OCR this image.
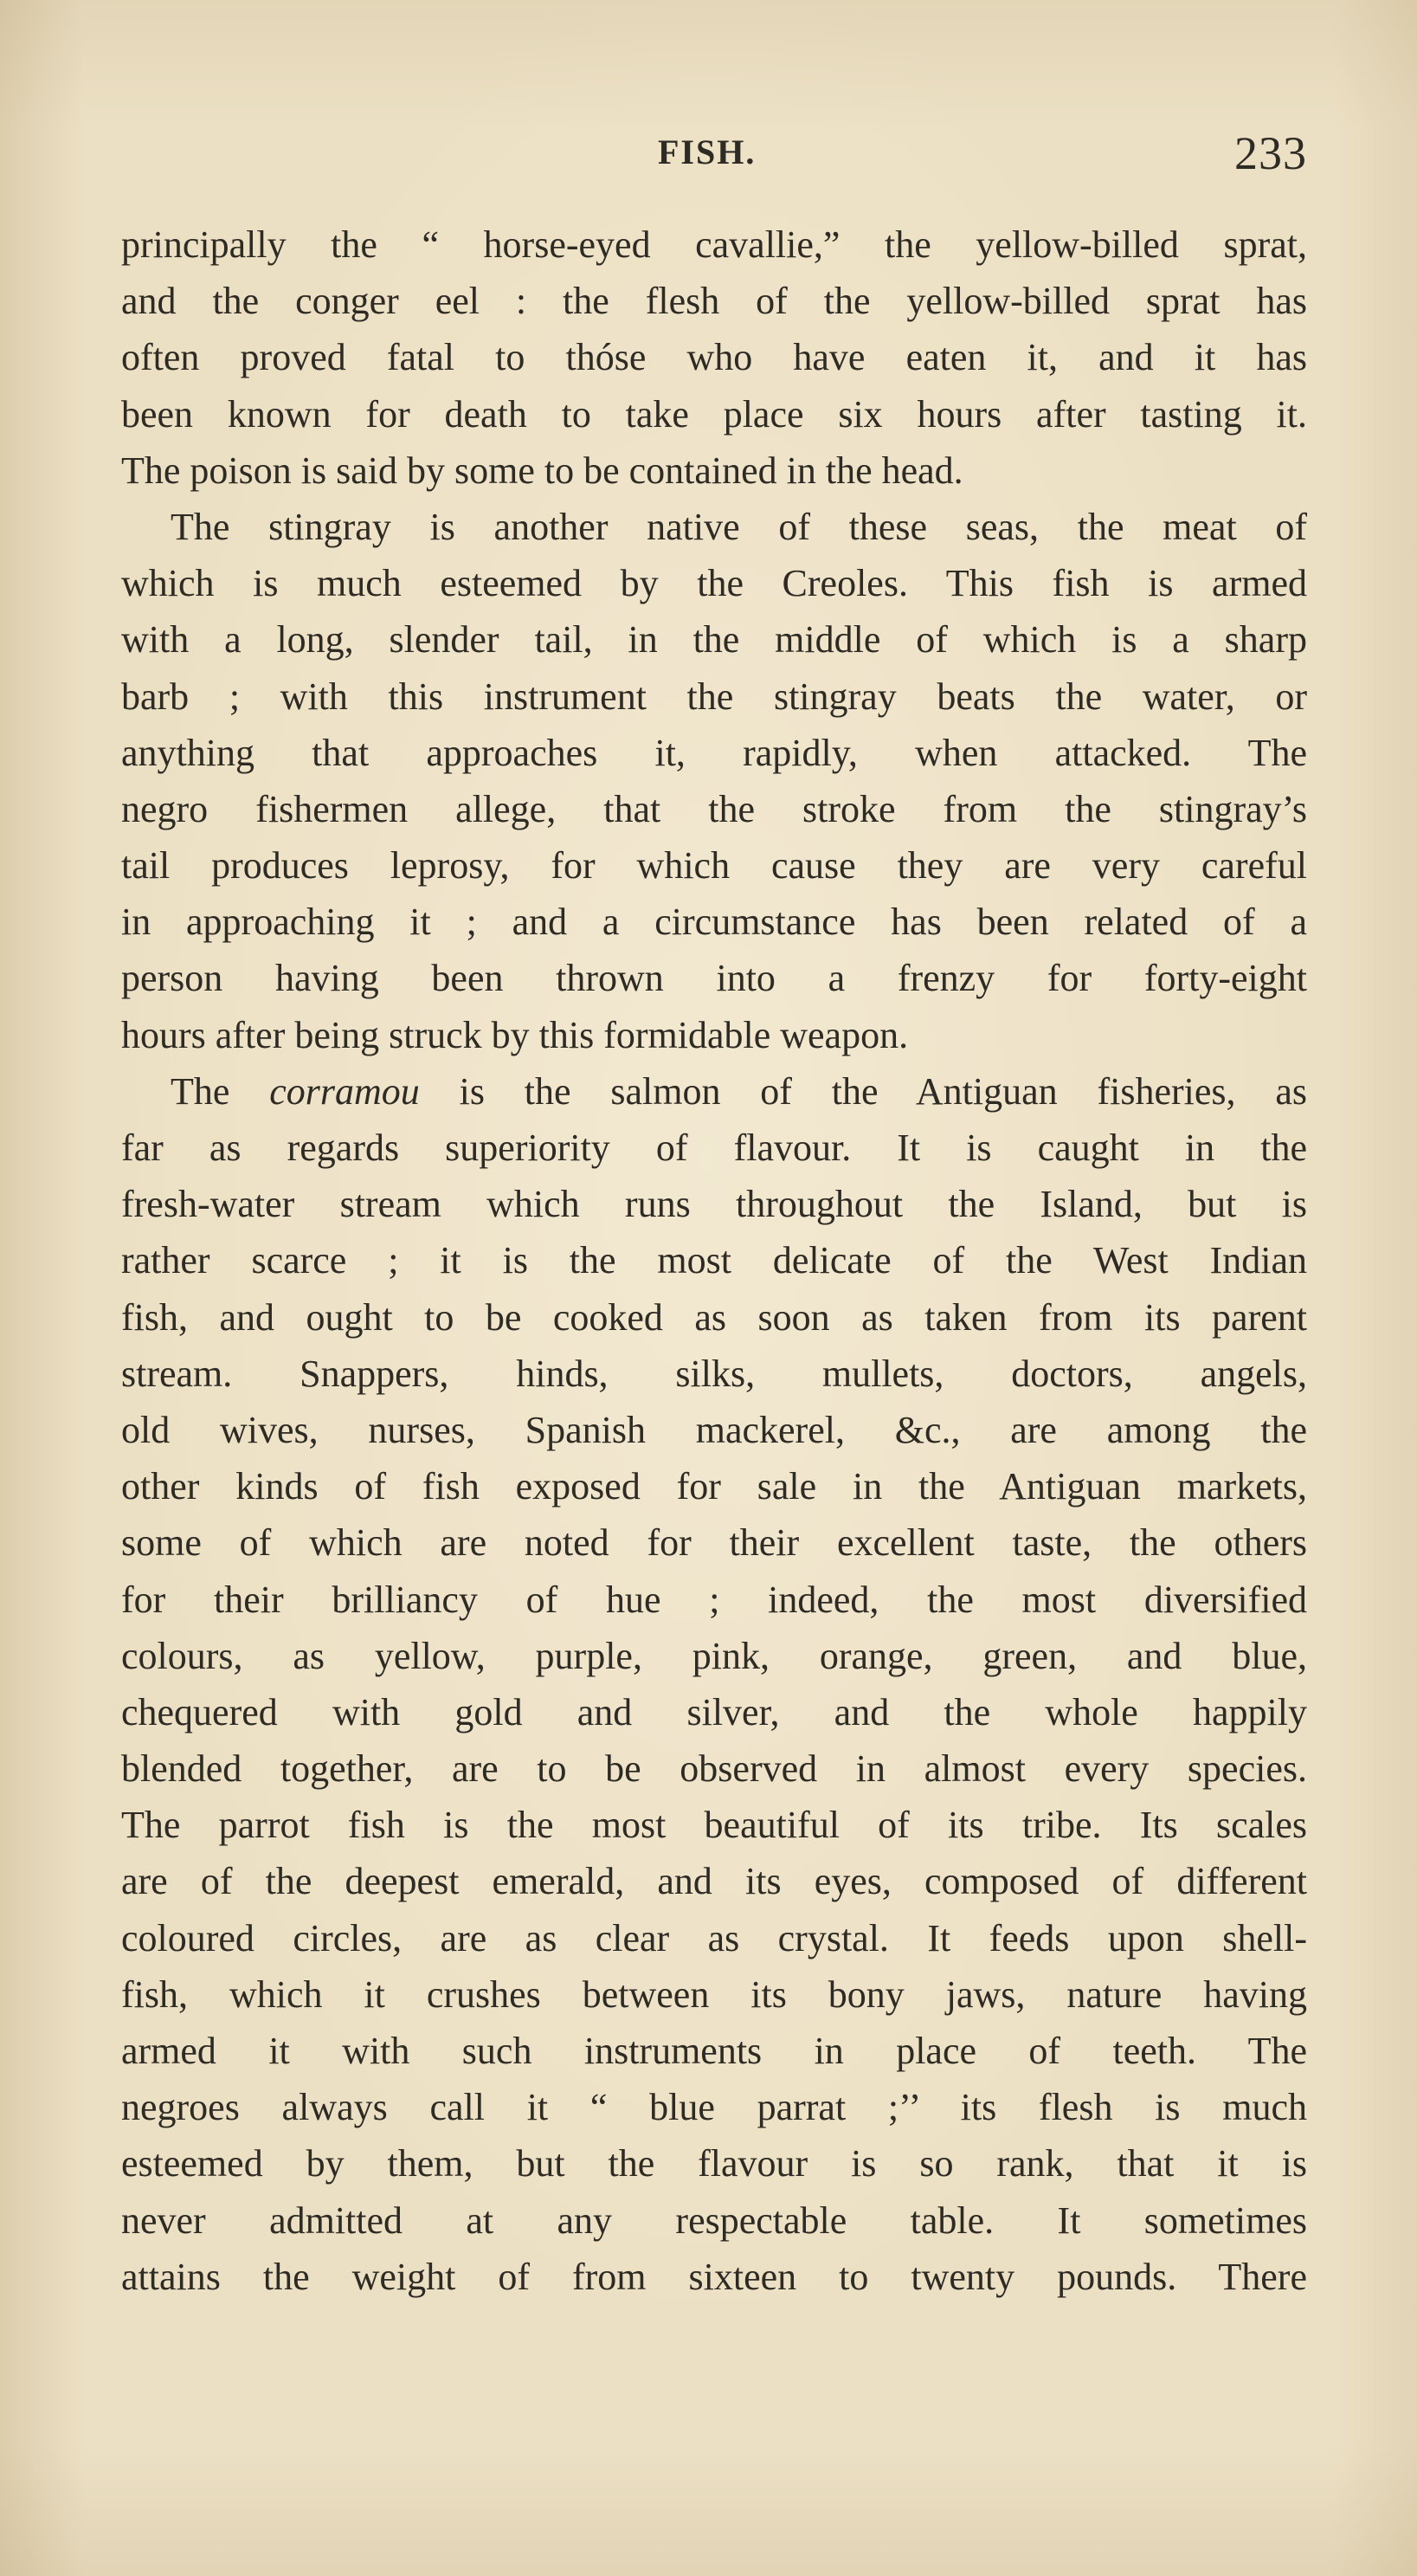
FISH.	233
principally the “ horse-eyed cavallie,” the yellow-billed sprat,
and the conger eel : the flesh of the yellow-billed sprat has
often proved fatal to thóse who have eaten it, and it has
been known for death to take place six hours after tasting it.
The poison is said by some to be contained in the head.
The stingray is another native of these seas, the meat of
which is much esteemed by the Creoles. This fish is armed
with a long, slender tail, in the middle of which is a sharp
barb ; with this instrument the stingray beats the water, or
anything that approaches it, rapidly, when attacked. The
negro fishermen allege, that the stroke from the stingray’s
tail produces leprosy, for which cause they are very careful
in approaching it ; and a circumstance has been related of a
person having been thrown into a frenzy for forty-eight
hours after being struck by this formidable weapon.
The corramou is the salmon of the Antiguan fisheries, as
far as regards superiority of flavour. It is caught in the
fresh-water stream which runs throughout the Island, but is
rather scarce ; it is the most delicate of the West Indian
fish, and ought to be cooked as soon as taken from its parent
stream. Snappers, hinds, silks, mullets, doctors, angels,
old wives, nurses, Spanish mackerel, &c., are among the
other kinds of fish exposed for sale in the Antiguan markets,
some of which are noted for their excellent taste, the others
for their brilliancy of hue ; indeed, the most diversified
colours, as yellow, purple, pink, orange, green, and blue,
chequered with gold and silver, and the whole happily
blended together, are to be observed in almost every species.
The parrot fish is the most beautiful of its tribe. Its scales
are of the deepest emerald, and its eyes, composed of different
coloured circles, are as clear as crystal. It feeds upon shell-
fish, which it crushes between its bony jaws, nature having
armed it with such instruments in place of teeth. The
negroes always call it “ blue parrat ;’’ its flesh is much
esteemed by them, but the flavour is so rank, that it is
never admitted at any respectable table. It sometimes
attains the weight of from sixteen to twenty pounds. There
